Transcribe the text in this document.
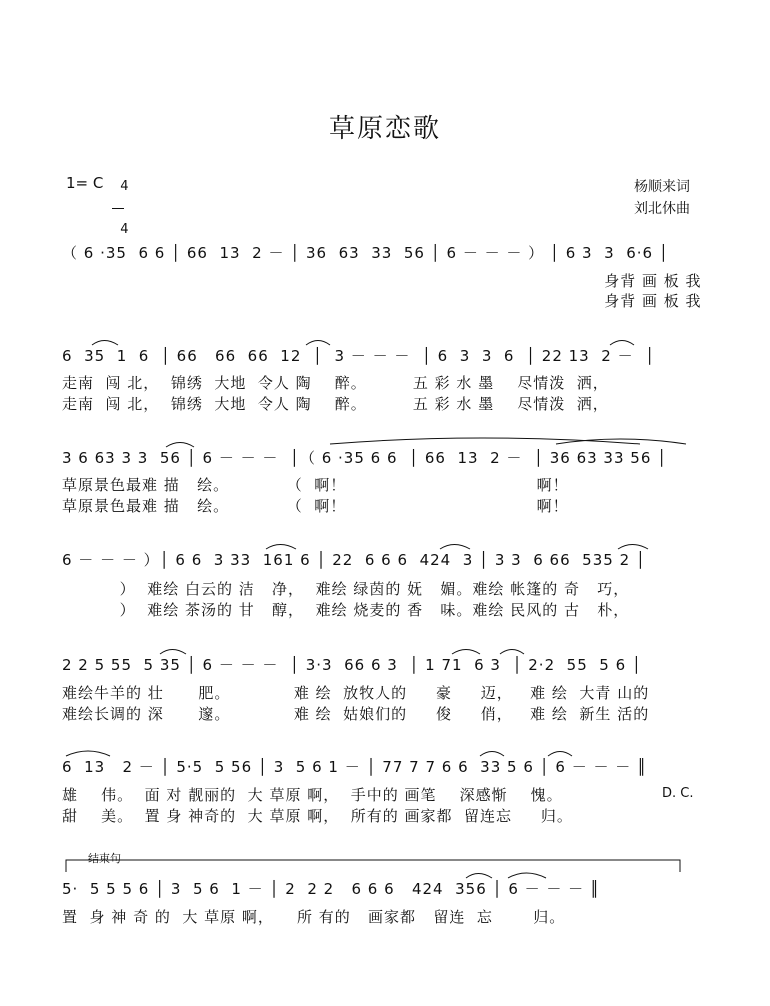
草原恋歌
1= C	4

4

杨顺来词
刘北休曲
（ 6 ·35  6 6 │ 66  13  2 － │ 36  63  33  56 │ 6 － － － ） │ 6 3  3  6·6 │
身背 画 板 我
身背 画 板 我
6  35  1  6  │ 66   66  66  12  │  3 － － －  │ 6  3  3  6  │ 22 13  2 －  │
走南  闯 北，  锦绣  大地  令人 陶    醉。        五 彩 水 墨    尽情泼  洒，
走南  闯 北，  锦绣  大地  令人 陶    醉。        五 彩 水 墨    尽情泼  洒，
3 6 63 3 3  56 │ 6 － － －  │（ 6 ·35 6 6  │ 66  13  2 －  │ 36 63 33 56 │
草原景色最难 描   绘。          （  啊！                                 啊！
草原景色最难 描   绘。          （  啊！                                 啊！
6 － － － ）│ 6 6  3 33  161 6 │ 22  6 6 6  424  3 │ 3 3  6 66  535 2 │
）  难绘 白云的 洁   净，  难绘 绿茵的 妩   媚。难绘 帐篷的 奇   巧，
）  难绘 茶汤的 甘   醇，  难绘 烧麦的 香   味。难绘 民风的 古   朴，
2 2 5 55  5 35 │ 6 － － －  │ 3·3  66 6 3  │ 1 71  6 3  │ 2·2  55  5 6 │
难绘牛羊的 壮      肥。           难 绘  放牧人的     豪     迈，   难 绘  大青 山的
难绘长调的 深      邃。           难 绘  姑娘们的     俊     俏，   难 绘  新生 活的
6  13   2 － │ 5·5  5 56 │ 3  5 6 1 － │ 77 7 7 6 6  33 5 6 │ 6 － － － ║
雄    伟。  面 对 靓丽的  大 草原 啊，  手中的 画笔    深感惭    愧。
甜    美。  置 身 神奇的  大 草原 啊，  所有的 画家都  留连忘     归。
D. C.
结束句
5·  5 5 5 6 │ 3  5 6  1 － │ 2  2 2   6 6 6   424  356 │ 6 － － － ║
置  身 神 奇 的  大 草原 啊，    所 有的   画家都   留连  忘       归。
